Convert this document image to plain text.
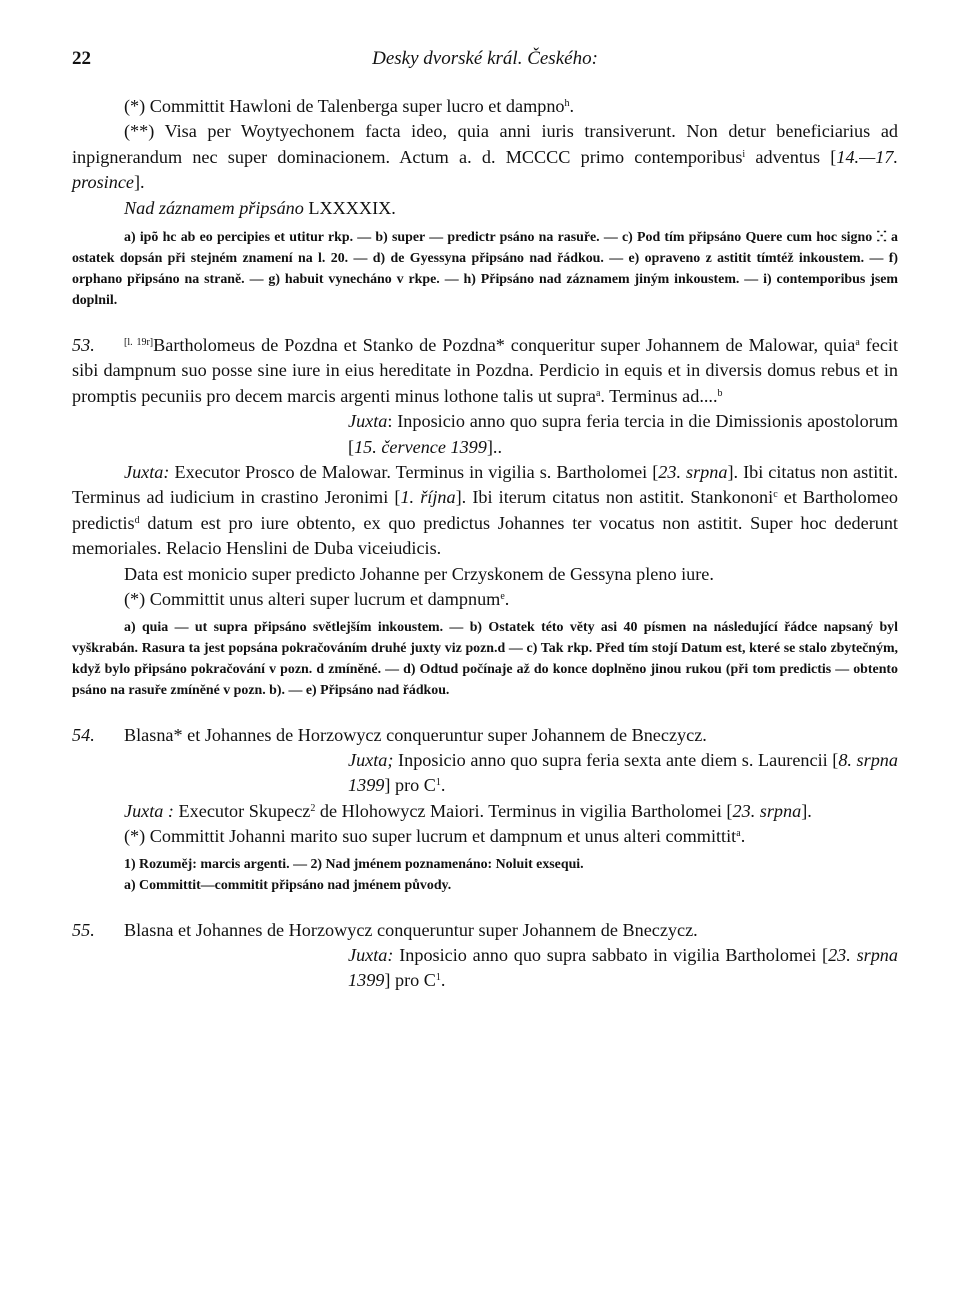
22	Desky dvorské král. Českého:

(*) Committit Hawloni de Talenberga super lucro et dampno$^h$.

(**) Visa per Woytyechonem facta ideo, quia anni iuris transiverunt. Non detur beneficiarius ad inpignerandum nec super dominacionem. Actum a. d. MCCCC primo contemporibus$^i$ adventus [14.—17. prosince].

Nad záznamem připsáno LXXXXIX.

a) ipõ hc ab eo percipies et utitur rkp. — b) super — predictr psáno na rasuře. — c) Pod tím připsáno Quere cum hoc signo ⵘ a ostatek dopsán při stejném znamení na l. 20. — d) de Gyessyna připsáno nad řádkou. — e) opraveno z astitit tímtéž inkoustem. — f) orphano připsáno na straně. — g) habuit vynecháno v rkpe. — h) Připsáno nad záznamem jiným inkoustem. — i) contemporibus jsem doplnil.

53.	[l. 19r]Bartholomeus de Pozdna et Stanko de Pozdna* conqueritur super Johannem de Malowar, quia$^a$ fecit sibi dampnum suo posse sine iure in eius hereditate in Pozdna. Perdicio in equis et in diversis domus rebus et in promptis pecuniis pro decem marcis argenti minus lothone talis ut supra$^a$. Terminus ad....$^b$

Juxta: Inposicio anno quo supra feria tercia in die Dimissionis apostolorum [15. července 1399]..

Juxta: Executor Prosco de Malowar. Terminus in vigilia s. Bartholomei [23. srpna]. Ibi citatus non astitit. Terminus ad iudicium in crastino Jeronimi [1. října]. Ibi iterum citatus non astitit. Stankononi$^c$ et Bartholomeo predictis$^d$ datum est pro iure obtento, ex quo predictus Johannes ter vocatus non astitit. Super hoc dederunt memoriales. Relacio Henslini de Duba viceiudicis.

Data est monicio super predicto Johanne per Crzyskonem de Gessyna pleno iure.

(*) Committit unus alteri super lucrum et dampnum$^e$.

a) quia — ut supra připsáno světlejším inkoustem. — b) Ostatek této věty asi 40 písmen na následující řádce napsaný byl vyškrabán. Rasura ta jest popsána pokračováním druhé juxty viz pozn.d — c) Tak rkp. Před tím stojí Datum est, které se stalo zbytečným, když bylo připsáno pokračování v pozn. d zmíněné. — d) Odtud počínaje až do konce doplněno jinou rukou (při tom predictis — obtento psáno na rasuře zmíněné v pozn. b). — e) Připsáno nad řádkou.

54. Blasna* et Johannes de Horzowycz conqueruntur super Johannem de Bneczycz.

Juxta; Inposicio anno quo supra feria sexta ante diem s. Laurencii [8. srpna 1399] pro $C^1$.

Juxta : Executor Skupecz$^2$ de Hlohowycz Maiori. Terminus in vigilia Bartholomei [23. srpna].

(*) Committit Johanni marito suo super lucrum et dampnum et unus alteri committit$^a$.

1) Rozuměj: marcis argenti. — 2) Nad jménem poznamenáno: Noluit exsequi.

a) Committit—commitit připsáno nad jménem původy.

55. Blasna et Johannes de Horzowycz conqueruntur super Johannem de Bneczycz.

Juxta: Inposicio anno quo supra sabbato in vigilia Bartholomei [23. srpna 1399] pro $C^1$.
